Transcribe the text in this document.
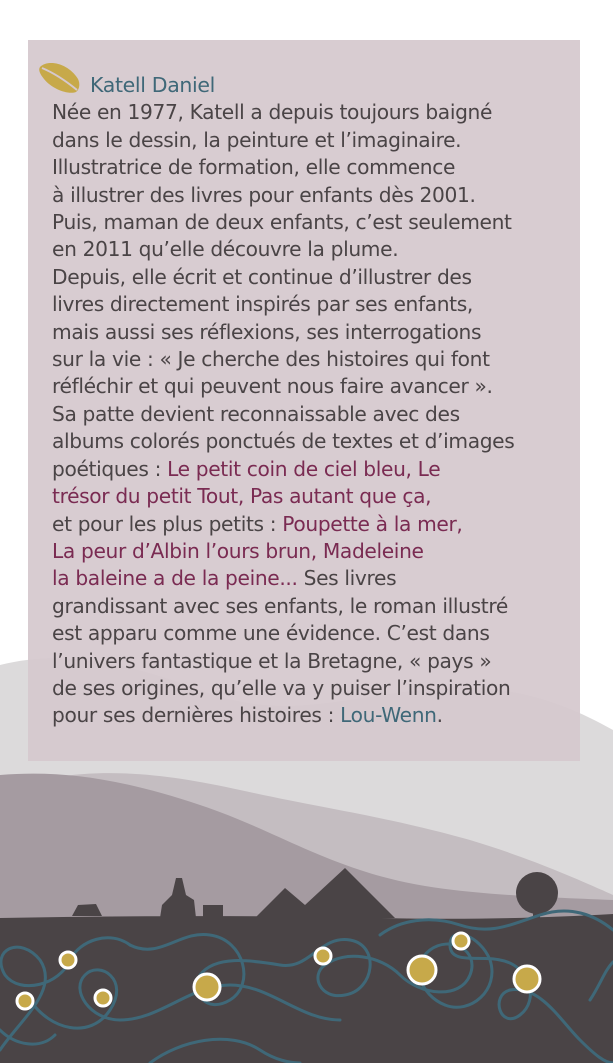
Katell Daniel
Née en 1977, Katell a depuis toujours baigné
dans le dessin, la peinture et l’imaginaire.
Illustratrice de formation, elle commence
à illustrer des livres pour enfants dès 2001.
Puis, maman de deux enfants, c’est seulement
en 2011 qu’elle découvre la plume.
Depuis, elle écrit et continue d’illustrer des
livres directement inspirés par ses enfants,
mais aussi ses réflexions, ses interrogations
sur la vie : « Je cherche des histoires qui font
réfléchir et qui peuvent nous faire avancer ».
Sa patte devient reconnaissable avec des
albums colorés ponctués de textes et d’images
poétiques : Le petit coin de ciel bleu, Le
trésor du petit Tout, Pas autant que ça,
et pour les plus petits : Poupette à la mer,
La peur d’Albin l’ours brun, Madeleine
la baleine a de la peine... Ses livres
grandissant avec ses enfants, le roman illustré
est apparu comme une évidence. C’est dans
l’univers fantastique et la Bretagne, « pays »
de ses origines, qu’elle va y puiser l’inspiration
pour ses dernières histoires : Lou-Wenn.
